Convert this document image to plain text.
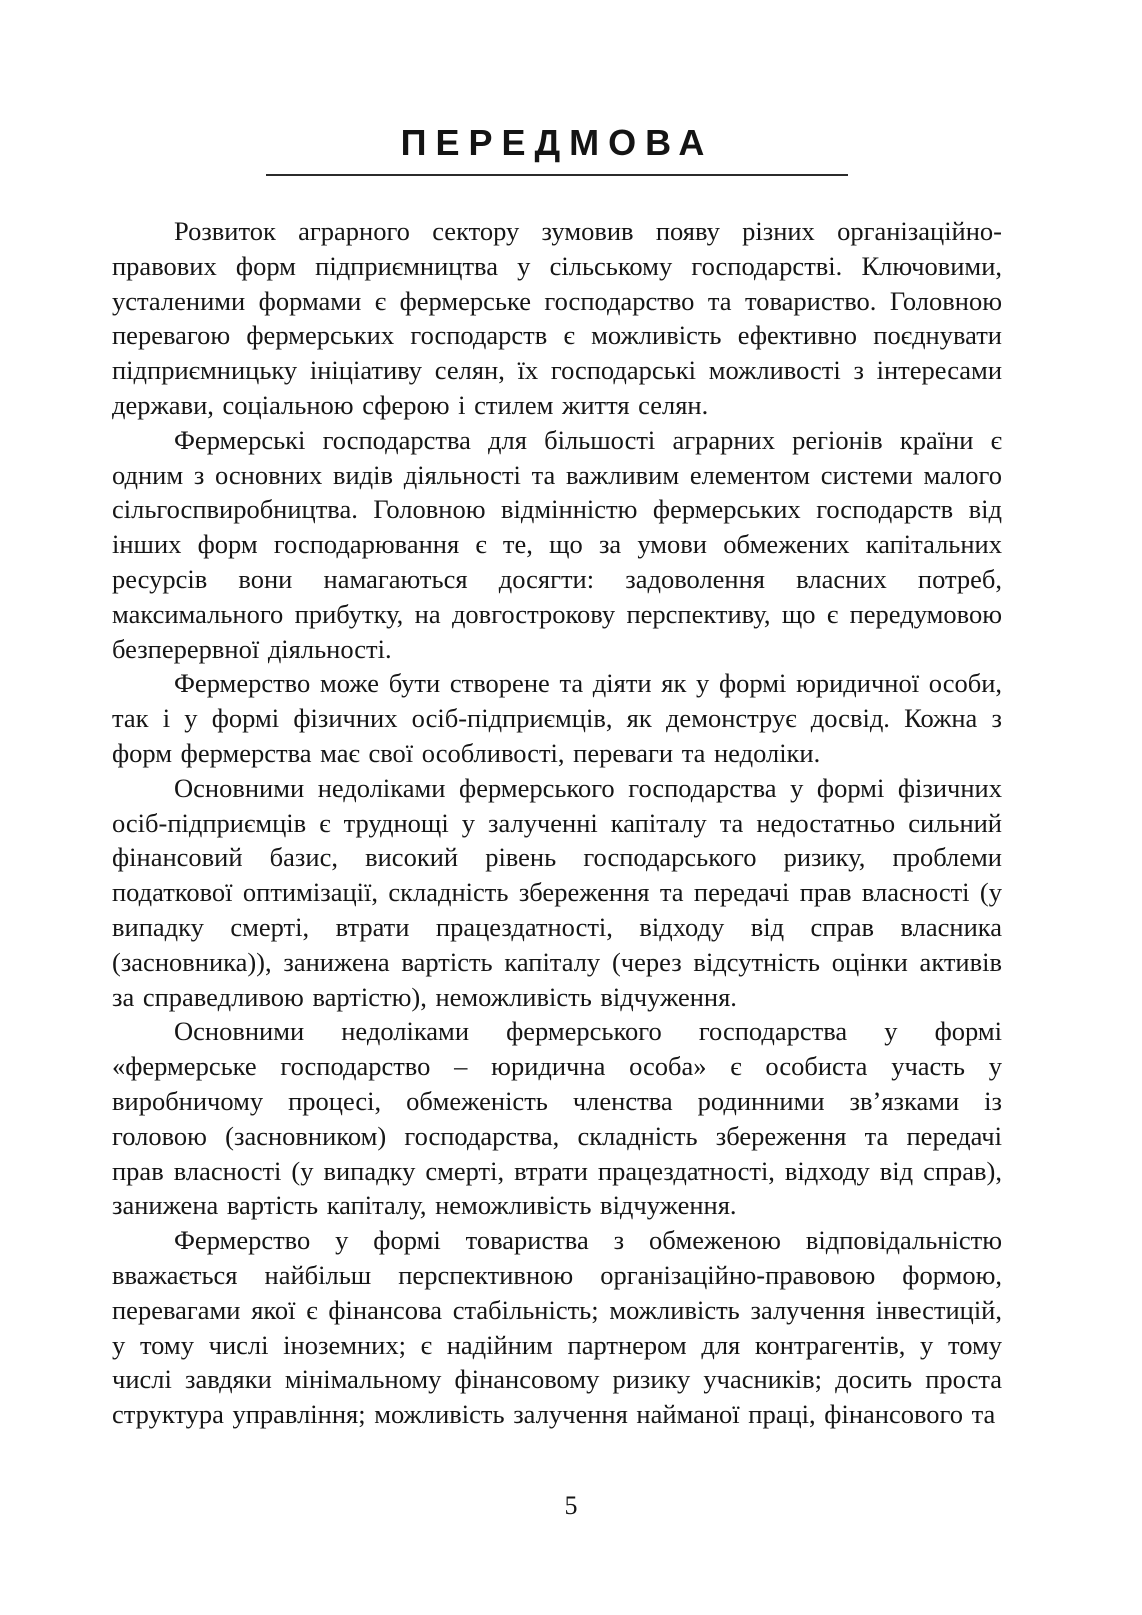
ПЕРЕДМОВА

Розвиток аграрного сектору зумовив появу різних організаційно-правових форм підприємництва у сільському господарстві. Ключовими, усталеними формами є фермерське господарство та товариство. Головною перевагою фермерських господарств є можливість ефективно поєднувати підприємницьку ініціативу селян, їх господарські можливості з інтересами держави, соціальною сферою і стилем життя селян.

Фермерські господарства для більшості аграрних регіонів країни є одним з основних видів діяльності та важливим елементом системи малого сільгоспвиробництва. Головною відмінністю фермерських господарств від інших форм господарювання є те, що за умови обмежених капітальних ресурсів вони намагаються досягти: задоволення власних потреб, максимального прибутку, на довгострокову перспективу, що є передумовою безперервної діяльності.

Фермерство може бути створене та діяти як у формі юридичної особи, так і у формі фізичних осіб-підприємців, як демонструє досвід. Кожна з форм фермерства має свої особливості, переваги та недоліки.

Основними недоліками фермерського господарства у формі фізичних осіб-підприємців є труднощі у залученні капіталу та недостатньо сильний фінансовий базис, високий рівень господарського ризику, проблеми податкової оптимізації, складність збереження та передачі прав власності (у випадку смерті, втрати працездатності, відходу від справ власника (засновника)), занижена вартість капіталу (через відсутність оцінки активів за справедливою вартістю), неможливість відчуження.

Основними недоліками фермерського господарства у формі «фермерське господарство – юридична особа» є особиста участь у виробничому процесі, обмеженість членства родинними зв’язками із головою (засновником) господарства, складність збереження та передачі прав власності (у випадку смерті, втрати працездатності, відходу від справ), занижена вартість капіталу, неможливість відчуження.

Фермерство у формі товариства з обмеженою відповідальністю вважається найбільш перспективною організаційно-правовою формою, перевагами якої є фінансова стабільність; можливість залучення інвестицій, у тому числі іноземних; є надійним партнером для контрагентів, у тому числі завдяки мінімальному фінансовому ризику учасників; досить проста структура управління; можливість залучення найманої праці, фінансового та

5
